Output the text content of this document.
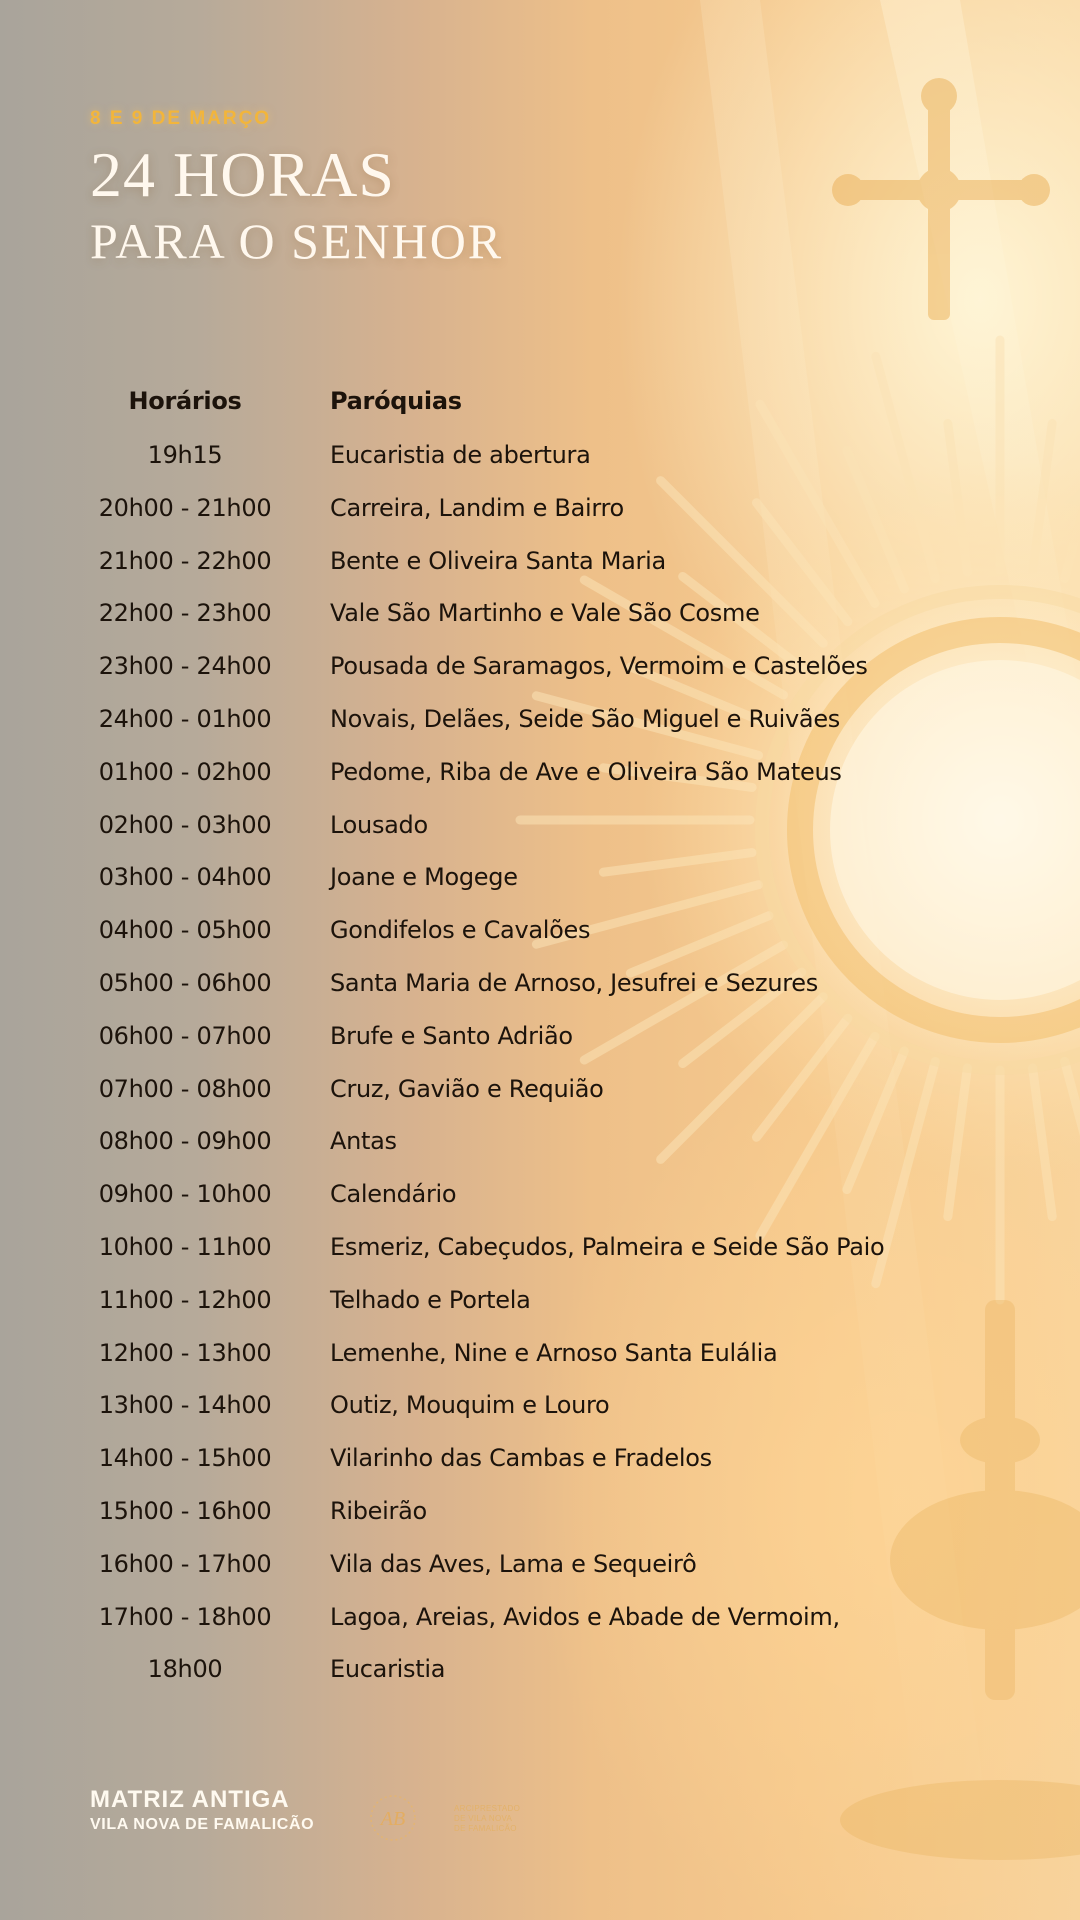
8 E 9 DE MARÇO
24 HORAS
PARA O SENHOR
Horários	Paróquias
19h15	Eucaristia de abertura
20h00 - 21h00	Carreira, Landim e Bairro
21h00 - 22h00	Bente e Oliveira Santa Maria
22h00 - 23h00	Vale São Martinho e Vale São Cosme
23h00 - 24h00	Pousada de Saramagos, Vermoim e Castelões
24h00 - 01h00	Novais, Delães, Seide São Miguel e Ruivães
01h00 - 02h00	Pedome, Riba de Ave e Oliveira São Mateus
02h00 - 03h00	Lousado
03h00 - 04h00	Joane e Mogege
04h00 - 05h00	Gondifelos e Cavalões
05h00 - 06h00	Santa Maria de Arnoso, Jesufrei e Sezures
06h00 - 07h00	Brufe e Santo Adrião
07h00 - 08h00	Cruz, Gavião e Requião
08h00 - 09h00	Antas
09h00 - 10h00	Calendário
10h00 - 11h00	Esmeriz, Cabeçudos, Palmeira e Seide São Paio
11h00 - 12h00	Telhado e Portela
12h00 - 13h00	Lemenhe, Nine e Arnoso Santa Eulália
13h00 - 14h00	Outiz, Mouquim e Louro
14h00 - 15h00	Vilarinho das Cambas e Fradelos
15h00 - 16h00	Ribeirão
16h00 - 17h00	Vila das Aves, Lama e Sequeirô
17h00 - 18h00	Lagoa, Areias, Avidos e Abade de Vermoim,
18h00	Eucaristia
MATRIZ ANTIGA
VILA NOVA DE FAMALICÃO	AB	ARCIPRESTADO
DE VILA NOVA
DE FAMALICÃO
